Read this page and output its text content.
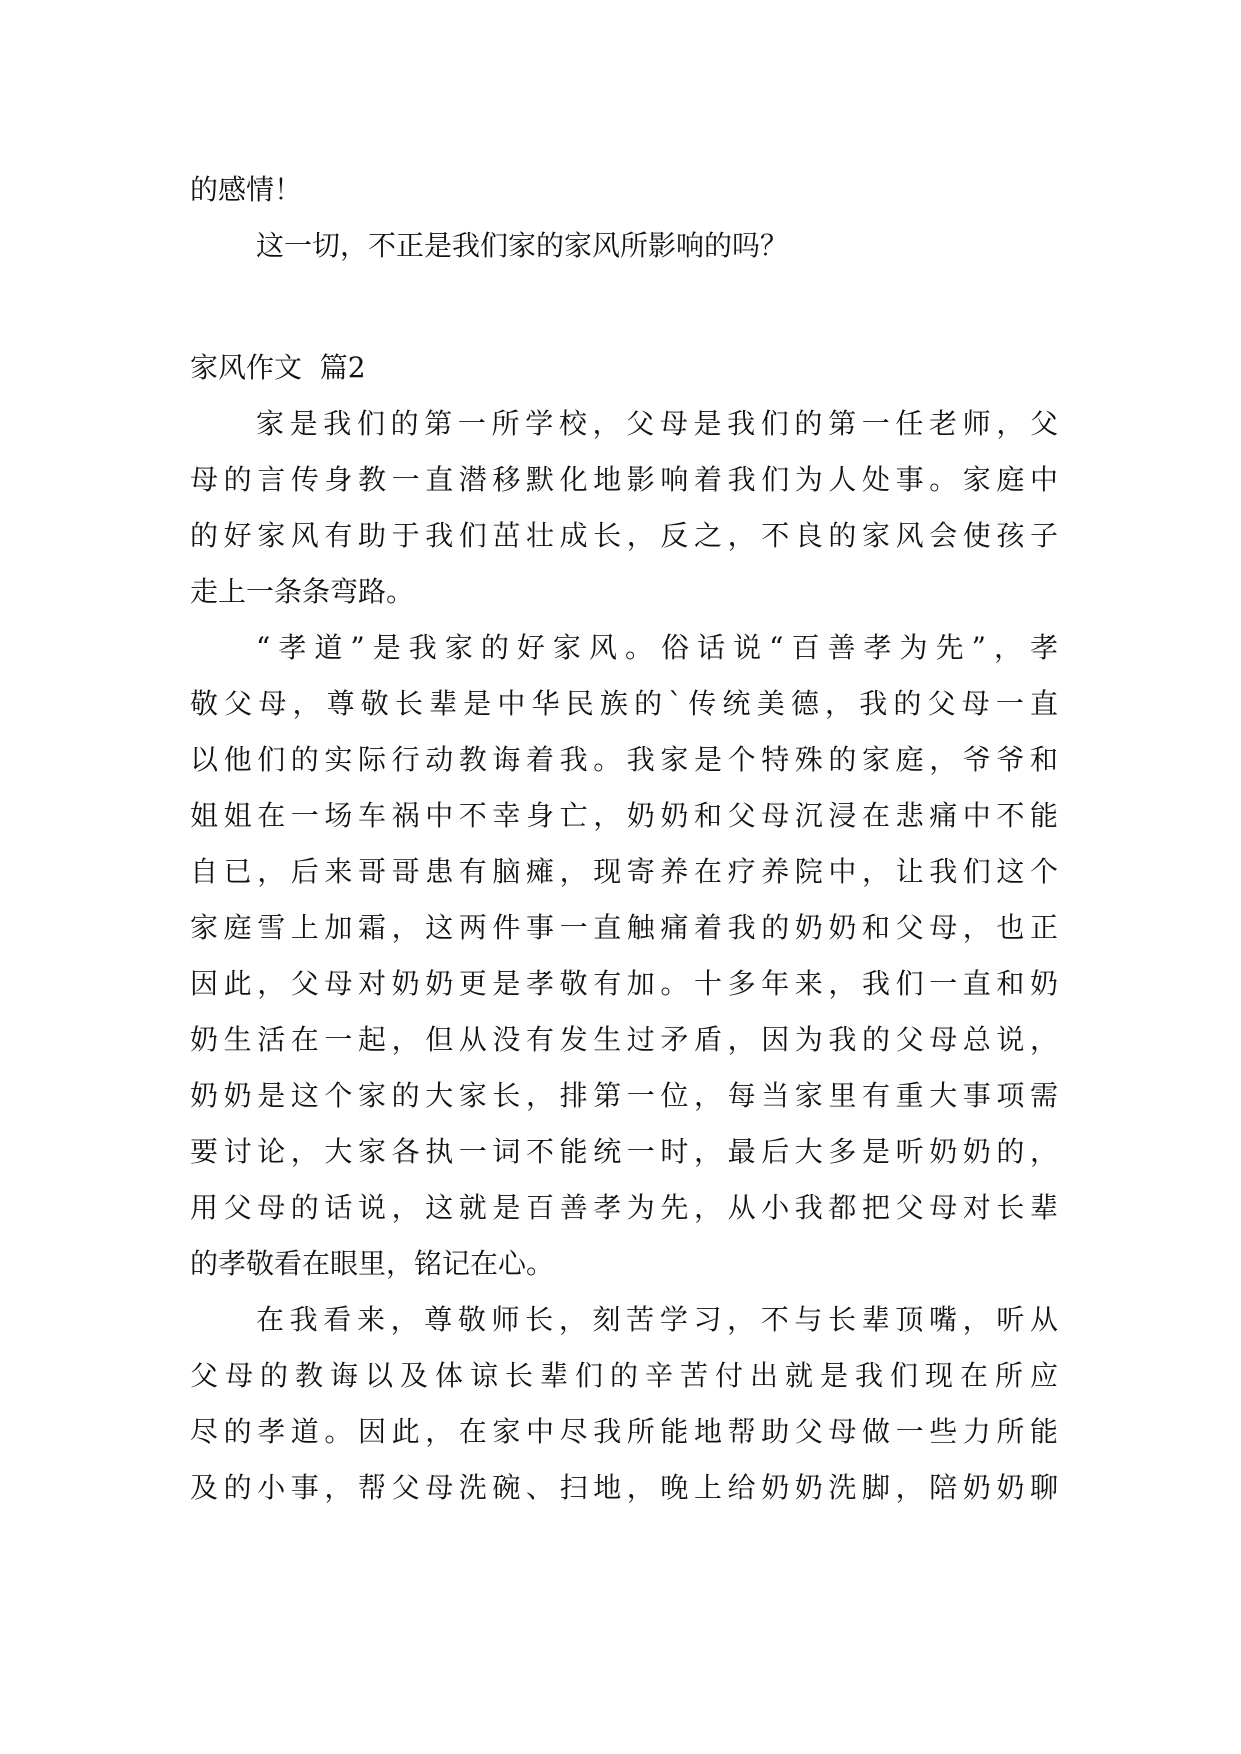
的感情！
这一切，不正是我们家的家风所影响的吗？
家风作文  篇2
家是我们的第一所学校，父母是我们的第一任老师，父
母的言传身教一直潜移默化地影响着我们为人处事。家庭中
的好家风有助于我们茁壮成长，反之，不良的家风会使孩子
走上一条条弯路。
“孝道”是我家的好家风。俗话说“百善孝为先”，孝
敬父母，尊敬长辈是中华民族的`传统美德，我的父母一直
以他们的实际行动教诲着我。我家是个特殊的家庭，爷爷和
姐姐在一场车祸中不幸身亡，奶奶和父母沉浸在悲痛中不能
自已，后来哥哥患有脑瘫，现寄养在疗养院中，让我们这个
家庭雪上加霜，这两件事一直触痛着我的奶奶和父母，也正
因此，父母对奶奶更是孝敬有加。十多年来，我们一直和奶
奶生活在一起，但从没有发生过矛盾，因为我的父母总说，
奶奶是这个家的大家长，排第一位，每当家里有重大事项需
要讨论，大家各执一词不能统一时，最后大多是听奶奶的，
用父母的话说，这就是百善孝为先，从小我都把父母对长辈
的孝敬看在眼里，铭记在心。
在我看来，尊敬师长，刻苦学习，不与长辈顶嘴，听从
父母的教诲以及体谅长辈们的辛苦付出就是我们现在所应
尽的孝道。因此，在家中尽我所能地帮助父母做一些力所能
及的小事，帮父母洗碗、扫地，晚上给奶奶洗脚，陪奶奶聊
